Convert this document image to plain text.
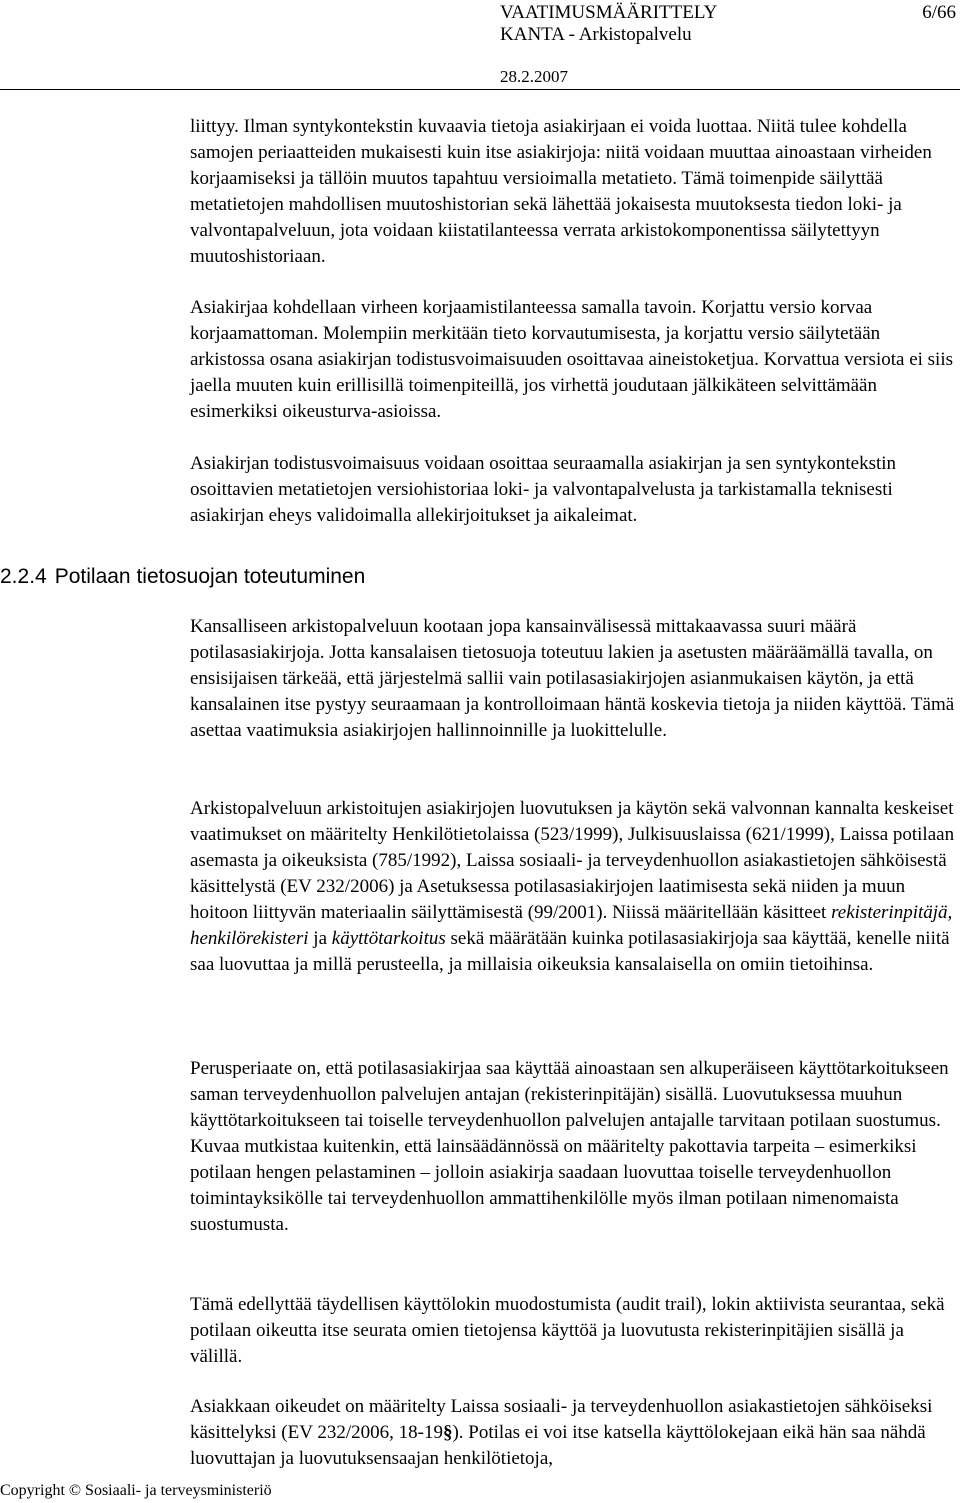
VAATIMUSMÄÄRITTELY	6/66
KANTA - Arkistopalvelu
28.2.2007

liittyy. Ilman syntykontekstin kuvaavia tietoja asiakirjaan ei voida luottaa. Niitä tulee kohdella samojen periaatteiden mukaisesti kuin itse asiakirjoja: niitä voidaan muuttaa ainoastaan virheiden korjaamiseksi ja tällöin muutos tapahtuu versioimalla metatieto. Tämä toimenpide säilyttää metatietojen mahdollisen muutoshistorian sekä lähettää jokaisesta muutoksesta tiedon loki- ja valvontapalveluun, jota voidaan kiistatilanteessa verrata arkistokomponentissa säilytettyyn muutoshistoriaan.

Asiakirjaa kohdellaan virheen korjaamistilanteessa samalla tavoin. Korjattu versio korvaa korjaamattoman. Molempiin merkitään tieto korvautumisesta, ja korjattu versio säilytetään arkistossa osana asiakirjan todistusvoimaisuuden osoittavaa aineistoketjua. Korvattua versiota ei siis jaella muuten kuin erillisillä toimenpiteillä, jos virhettä joudutaan jälkikäteen selvittämään esimerkiksi oikeusturva-asioissa.

Asiakirjan todistusvoimaisuus voidaan osoittaa seuraamalla asiakirjan ja sen syntykontekstin osoittavien metatietojen versiohistoriaa loki- ja valvontapalvelusta ja tarkistamalla teknisesti asiakirjan eheys validoimalla allekirjoitukset ja aikaleimat.

2.2.4 Potilaan tietosuojan toteutuminen

Kansalliseen arkistopalveluun kootaan jopa kansainvälisessä mittakaavassa suuri määrä potilasasiakirjoja. Jotta kansalaisen tietosuoja toteutuu lakien ja asetusten määräämällä tavalla, on ensisijaisen tärkeää, että järjestelmä sallii vain potilasasiakirjojen asianmukaisen käytön, ja että kansalainen itse pystyy seuraamaan ja kontrolloimaan häntä koskevia tietoja ja niiden käyttöä. Tämä asettaa vaatimuksia asiakirjojen hallinnoinnille ja luokittelulle.

Arkistopalveluun arkistoitujen asiakirjojen luovutuksen ja käytön sekä valvonnan kannalta keskeiset vaatimukset on määritelty Henkilötietolaissa (523/1999), Julkisuuslaissa (621/1999), Laissa potilaan asemasta ja oikeuksista (785/1992), Laissa sosiaali- ja terveydenhuollon asiakastietojen sähköisestä käsittelystä (EV 232/2006) ja Asetuksessa potilasasiakirjojen laatimisesta sekä niiden ja muun hoitoon liittyvän materiaalin säilyttämisestä (99/2001). Niissä määritellään käsitteet rekisterinpitäjä, henkilörekisteri ja käyttötarkoitus sekä määrätään kuinka potilasasiakirjoja saa käyttää, kenelle niitä saa luovuttaa ja millä perusteella, ja millaisia oikeuksia kansalaisella on omiin tietoihinsa.

Perusperiaate on, että potilasasiakirjaa saa käyttää ainoastaan sen alkuperäiseen käyttötarkoitukseen saman terveydenhuollon palvelujen antajan (rekisterinpitäjän) sisällä. Luovutuksessa muuhun käyttötarkoitukseen tai toiselle terveydenhuollon palvelujen antajalle tarvitaan potilaan suostumus. Kuvaa mutkistaa kuitenkin, että lainsäädännössä on määritelty pakottavia tarpeita – esimerkiksi potilaan hengen pelastaminen – jolloin asiakirja saadaan luovuttaa toiselle terveydenhuollon toimintayksikölle tai terveydenhuollon ammattihenkilölle myös ilman potilaan nimenomaista suostumusta.

Tämä edellyttää täydellisen käyttölokin muodostumista (audit trail), lokin aktiivista seurantaa, sekä potilaan oikeutta itse seurata omien tietojensa käyttöä ja luovutusta rekisterinpitäjien sisällä ja välillä.

Asiakkaan oikeudet on määritelty Laissa sosiaali- ja terveydenhuollon asiakastietojen sähköiseksi käsittelyksi (EV 232/2006, 18-19§). Potilas ei voi itse katsella käyttölokejaan eikä hän saa nähdä luovuttajan ja luovutuksensaajan henkilötietoja,

Copyright © Sosiaali- ja terveysministeriö
